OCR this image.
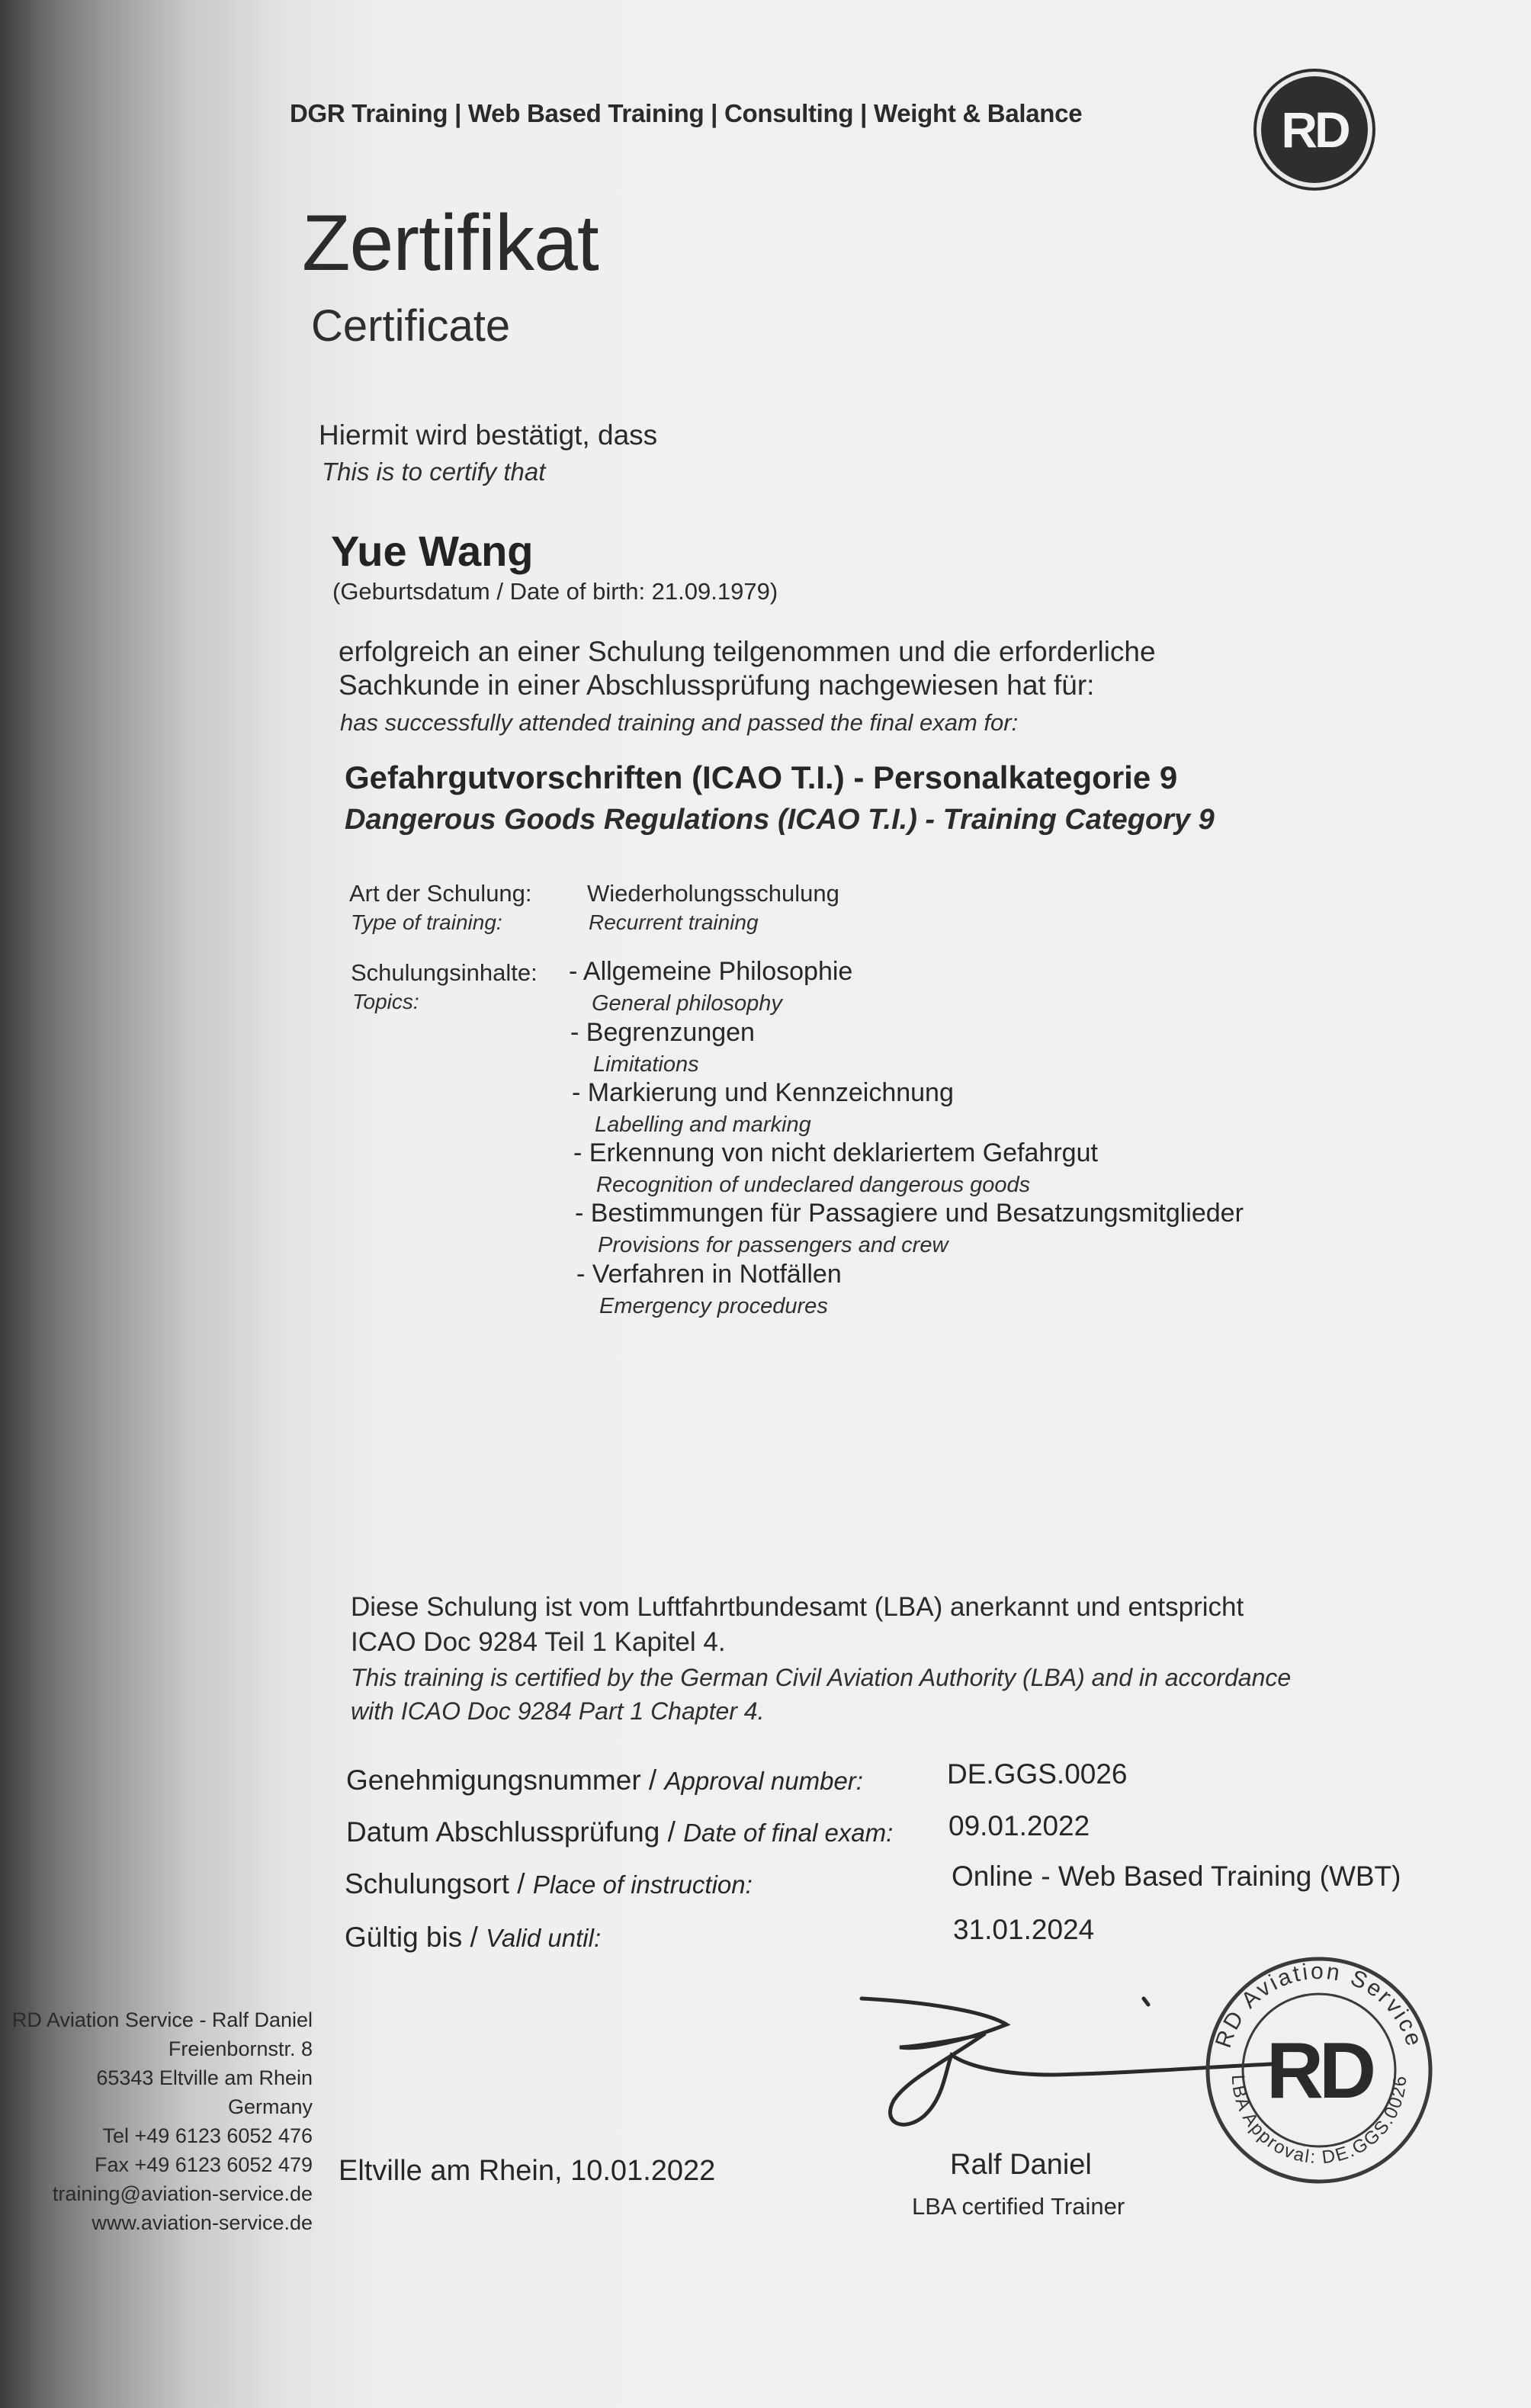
DGR Training | Web Based Training | Consulting | Weight & Balance	RD
Zertifikat
Certificate
Hiermit wird bestätigt, dass
This is to certify that
Yue Wang
(Geburtsdatum / Date of birth: 21.09.1979)
erfolgreich an einer Schulung teilgenommen und die erforderliche
Sachkunde in einer Abschlussprüfung nachgewiesen hat für:
has successfully attended training and passed the final exam for:
Gefahrgutvorschriften (ICAO T.I.) - Personalkategorie 9
Dangerous Goods Regulations (ICAO T.I.) - Training Category 9
Art der Schulung:
Type of training:
Wiederholungsschulung
Recurrent training
Schulungsinhalte:
Topics:
- Allgemeine Philosophie
General philosophy
- Begrenzungen
Limitations
- Markierung und Kennzeichnung
Labelling and marking
- Erkennung von nicht deklariertem Gefahrgut
Recognition of undeclared dangerous goods
- Bestimmungen für Passagiere und Besatzungsmitglieder
Provisions for passengers and crew
- Verfahren in Notfällen
Emergency procedures
Diese Schulung ist vom Luftfahrtbundesamt (LBA) anerkannt und entspricht
ICAO Doc 9284 Teil 1 Kapitel 4.
This training is certified by the German Civil Aviation Authority (LBA) and in accordance
with ICAO Doc 9284 Part 1 Chapter 4.
Genehmigungsnummer / Approval number:	DE.GGS.0026
Datum Abschlussprüfung / Date of final exam: 09.01.2022
Schulungsort / Place of instruction:	Online - Web Based Training (WBT)
Gültig bis / Valid until:	31.01.2024
RD Aviation Service - Ralf Daniel
Freienbornstr. 8
65343 Eltville am Rhein
Germany
Tel +49 6123 6052 476
Fax +49 6123 6052 479
training@aviation-service.de
www.aviation-service.de
Eltville am Rhein, 10.01.2022	Ralf Daniel
LBA certified Trainer
RD Aviation Service
LBA Approval: DE.GGS.0026
RD
